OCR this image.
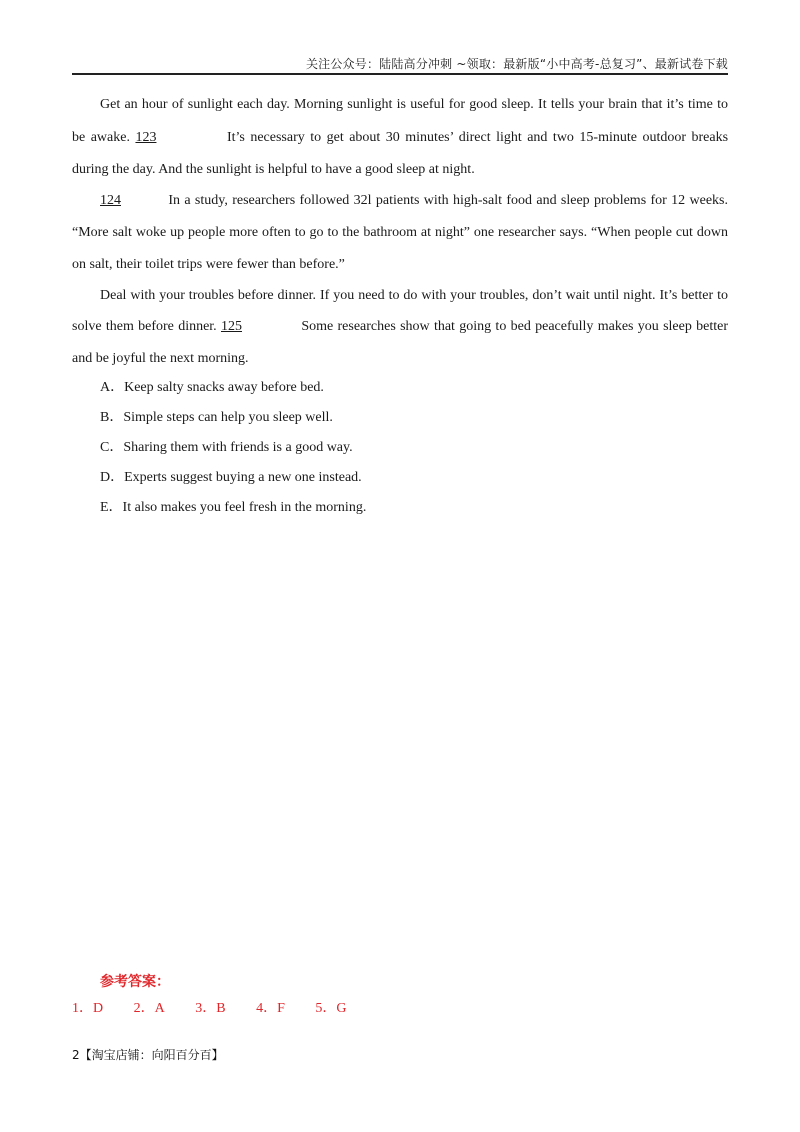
关注公众号：陆陆高分冲刺 ~领取：最新版“小中高考-总复习”、最新试卷下载
Get an hour of sunlight each day. Morning sunlight is useful for good sleep. It tells your brain that it’s time to
be awake. 123	It’s necessary to get about 30 minutes’ direct light and two 15-minute outdoor breaks
during the day. And the sunlight is helpful to have a good sleep at night.
124	In a study, researchers followed 32l patients with high-salt food and sleep problems for 12 weeks.
“More salt woke up people more often to go to the bathroom at night” one researcher says. “When people cut down
on salt, their toilet trips were fewer than before.”
Deal with your troubles before dinner. If you need to do with your troubles, don’t wait until night. It’s better to
solve them before dinner. 125	Some researches show that going to bed peacefully makes you sleep better
and be joyful the next morning.
A．Keep salty snacks away before bed.
B．Simple steps can help you sleep well.
C．Sharing them with friends is a good way.
D．Experts suggest buying a new one instead.
E．It also makes you feel fresh in the morning.
参考答案：
1．D 2．A 3．B 4．F 5．G
2【淘宝店铺：向阳百分百】
